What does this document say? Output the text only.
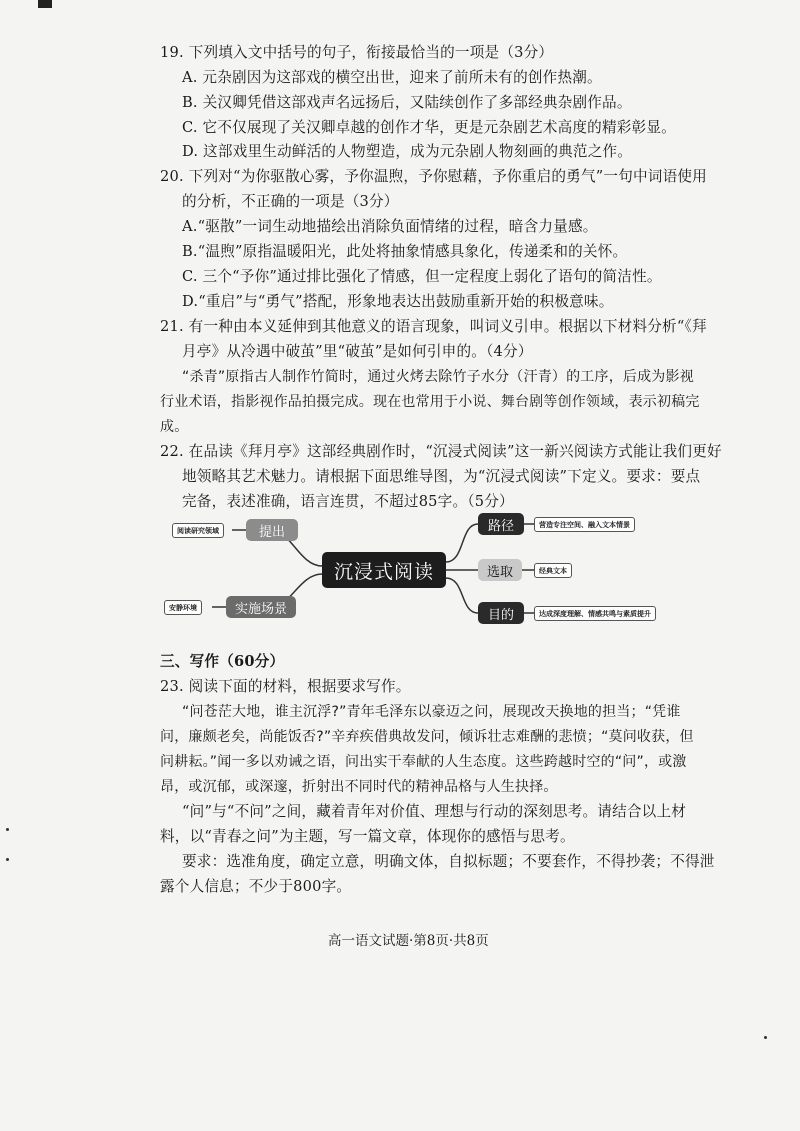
19. 下列填入文中括号的句子，衔接最恰当的一项是（3分）
A. 元杂剧因为这部戏的横空出世，迎来了前所未有的创作热潮。
B. 关汉卿凭借这部戏声名远扬后，又陆续创作了多部经典杂剧作品。
C. 它不仅展现了关汉卿卓越的创作才华，更是元杂剧艺术高度的精彩彰显。
D. 这部戏里生动鲜活的人物塑造，成为元杂剧人物刻画的典范之作。
20. 下列对“为你驱散心雾，予你温煦，予你慰藉，予你重启的勇气”一句中词语使用
的分析，不正确的一项是（3分）
A.“驱散”一词生动地描绘出消除负面情绪的过程，暗含力量感。
B.“温煦”原指温暖阳光，此处将抽象情感具象化，传递柔和的关怀。
C. 三个“予你”通过排比强化了情感，但一定程度上弱化了语句的简洁性。
D.“重启”与“勇气”搭配，形象地表达出鼓励重新开始的积极意味。
21. 有一种由本义延伸到其他意义的语言现象，叫词义引申。根据以下材料分析“《拜
月亭》从冷遇中破茧”里“破茧”是如何引申的。（4分）
“杀青”原指古人制作竹简时，通过火烤去除竹子水分（汗青）的工序，后成为影视
行业术语，指影视作品拍摄完成。现在也常用于小说、舞台剧等创作领域，表示初稿完
成。
22. 在品读《拜月亭》这部经典剧作时，“沉浸式阅读”这一新兴阅读方式能让我们更好
地领略其艺术魅力。请根据下面思维导图，为“沉浸式阅读”下定义。要求：要点
完备，表述准确，语言连贯，不超过85字。（5分）
三、写作（60分）
23. 阅读下面的材料，根据要求写作。
“问苍茫大地，谁主沉浮?”青年毛泽东以豪迈之问，展现改天换地的担当；“凭谁
问，廉颇老矣，尚能饭否?”辛弃疾借典故发问，倾诉壮志难酬的悲愤；“莫问收获，但
问耕耘。”闻一多以劝诫之语，问出实干奉献的人生态度。这些跨越时空的“问”，或激
昂，或沉郁，或深邃，折射出不同时代的精神品格与人生抉择。
“问”与“不问”之间，藏着青年对价值、理想与行动的深刻思考。请结合以上材
料，以“青春之问”为主题，写一篇文章，体现你的感悟与思考。
要求：选准角度，确定立意，明确文体，自拟标题；不要套作，不得抄袭；不得泄
露个人信息；不少于800字。
沉浸式阅读
提出
阅读研究领域
实施场景
安静环境
路径	营造专注空间、融入文本情景
选取	经典文本
目的	达成深度理解、情感共鸣与素质提升
高一语文试题·第8页·共8页
